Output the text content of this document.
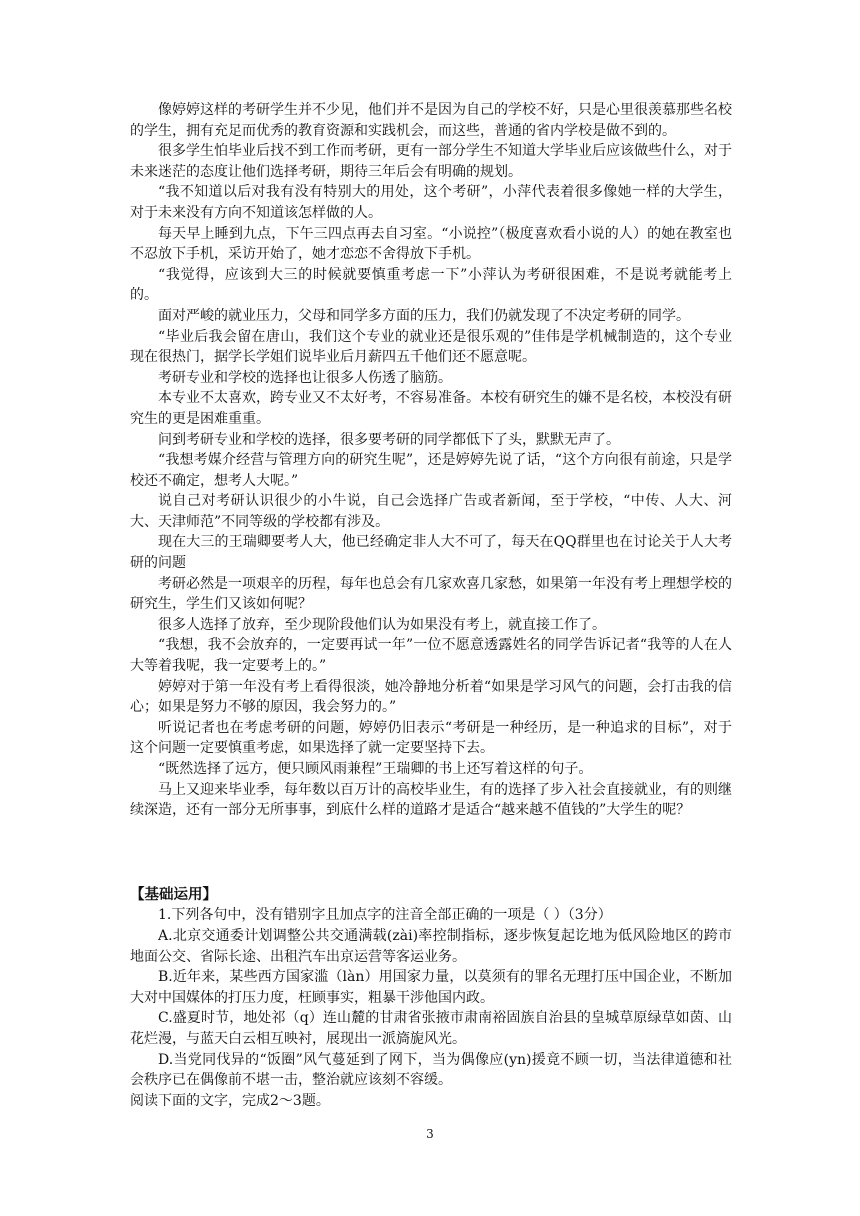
像婷婷这样的考研学生并不少见，他们并不是因为自己的学校不好，只是心里很羡慕那些名校的学生，拥有充足而优秀的教育资源和实践机会，而这些，普通的省内学校是做不到的。

很多学生怕毕业后找不到工作而考研，更有一部分学生不知道大学毕业后应该做些什么，对于未来迷茫的态度让他们选择考研，期待三年后会有明确的规划。

“我不知道以后对我有没有特别大的用处，这个考研”，小萍代表着很多像她一样的大学生，对于未来没有方向不知道该怎样做的人。

每天早上睡到九点，下午三四点再去自习室。“小说控”（极度喜欢看小说的人）的她在教室也不忍放下手机，采访开始了，她才恋恋不舍得放下手机。

“我觉得，应该到大三的时候就要慎重考虑一下”小萍认为考研很困难，不是说考就能考上的。

面对严峻的就业压力，父母和同学多方面的压力，我们仍就发现了不决定考研的同学。

“毕业后我会留在唐山，我们这个专业的就业还是很乐观的”佳伟是学机械制造的，这个专业现在很热门，据学长学姐们说毕业后月薪四五千他们还不愿意呢。

考研专业和学校的选择也让很多人伤透了脑筋。

本专业不太喜欢，跨专业又不太好考，不容易准备。本校有研究生的嫌不是名校，本校没有研究生的更是困难重重。

问到考研专业和学校的选择，很多要考研的同学都低下了头，默默无声了。

“我想考媒介经营与管理方向的研究生呢”，还是婷婷先说了话，“这个方向很有前途，只是学校还不确定，想考人大呢。”

说自己对考研认识很少的小牛说，自己会选择广告或者新闻，至于学校，“中传、人大、河大、天津师范”不同等级的学校都有涉及。

现在大三的王瑞卿要考人大，他已经确定非人大不可了，每天在QQ群里也在讨论关于人大考研的问题

考研必然是一项艰辛的历程，每年也总会有几家欢喜几家愁，如果第一年没有考上理想学校的研究生，学生们又该如何呢？

很多人选择了放弃，至少现阶段他们认为如果没有考上，就直接工作了。

“我想，我不会放弃的，一定要再试一年”一位不愿意透露姓名的同学告诉记者“我等的人在人大等着我呢，我一定要考上的。”

婷婷对于第一年没有考上看得很淡，她冷静地分析着“如果是学习风气的问题，会打击我的信心；如果是努力不够的原因，我会努力的。”

听说记者也在考虑考研的问题，婷婷仍旧表示“考研是一种经历，是一种追求的目标”，对于这个问题一定要慎重考虑，如果选择了就一定要坚持下去。

“既然选择了远方，便只顾风雨兼程”王瑞卿的书上还写着这样的句子。

马上又迎来毕业季，每年数以百万计的高校毕业生，有的选择了步入社会直接就业，有的则继续深造，还有一部分无所事事，到底什么样的道路才是适合“越来越不值钱的”大学生的呢？

【基础运用】

1.下列各句中，没有错别字且加点字的注音全部正确的一项是（ ）（3分）

A.北京交通委计划调整公共交通满载(zài)率控制指标，逐步恢复起讫地为低风险地区的跨市地面公交、省际长途、出租汽车出京运营等客运业务。

B.近年来，某些西方国家滥（làn）用国家力量，以莫须有的罪名无理打压中国企业，不断加大对中国媒体的打压力度，枉顾事实，粗暴干涉他国内政。

C.盛夏时节，地处祁（q）连山麓的甘肃省张掖市肃南裕固族自治县的皇城草原绿草如茵、山花烂漫，与蓝天白云相互映衬，展现出一派旖旎风光。

D.当党同伐异的“饭圈”风气蔓延到了网下，当为偶像应(yn)援竟不顾一切，当法律道德和社会秩序已在偶像前不堪一击，整治就应该刻不容缓。

阅读下面的文字，完成2～3题。

3
